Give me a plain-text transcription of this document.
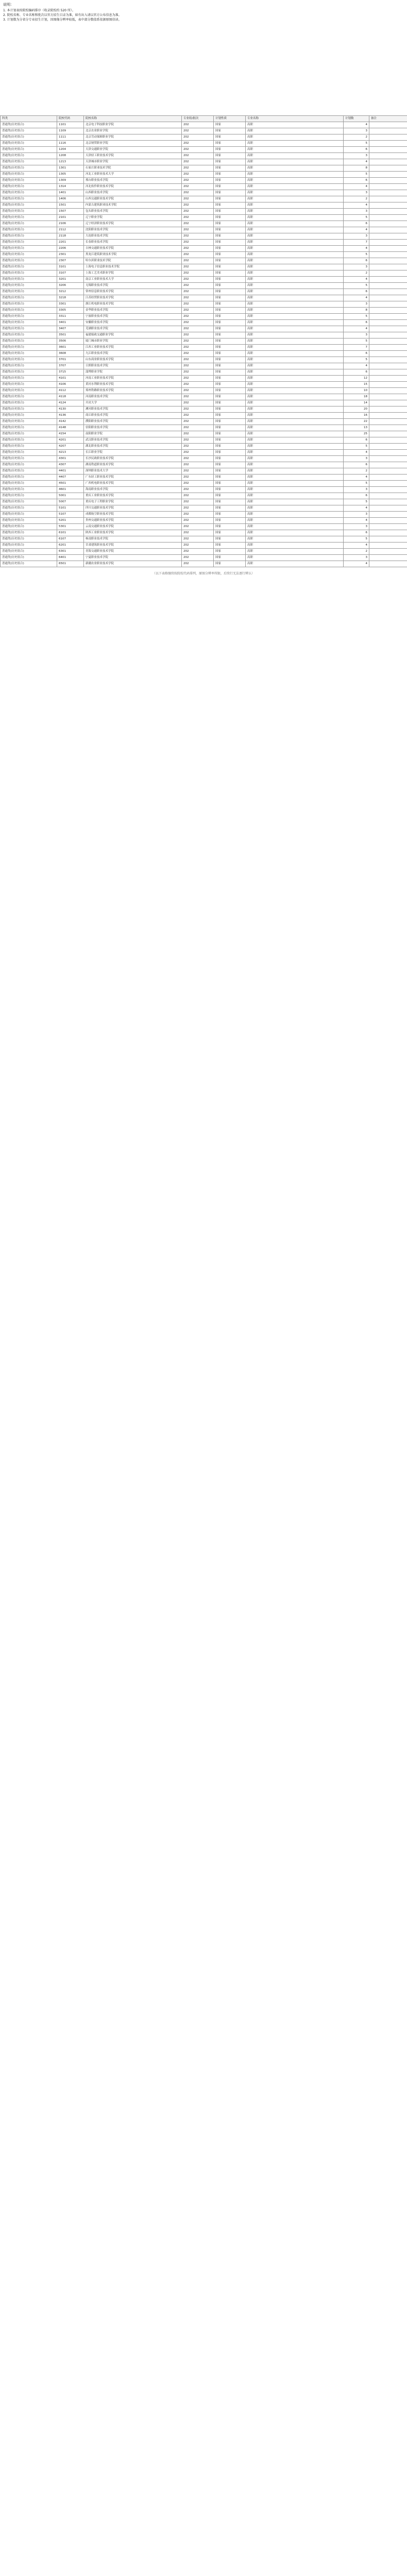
说明：

1. 本计划表按院校编码排序（收录院校约 520 所）。

2. 院校名称、专业名称和批次以官方招生目录为准，如有出入请以官方公布信息为准。

3. 计划数为分省分专业招生计划，因图像分辨率较低，表中部分数值系依据原图估读。

科类	院校代码	院校名称	专业组/批次	计划性质	专业名称	计划数	备注
普通类(历史组合)	1101	北京电子科技职业学院	202	国家	高职	4	
普通类(历史组合)	1109	北京农业职业学院	202	国家	高职	3	
普通类(历史组合)	1111	北京劳动保障职业学院	202	国家	高职	2	
普通类(历史组合)	1116	北京财贸职业学院	202	国家	高职	5	
普通类(历史组合)	1204	天津交通职业学院	202	国家	高职	6	
普通类(历史组合)	1208	天津轻工职业技术学院	202	国家	高职	3	
普通类(历史组合)	1213	天津城市职业学院	202	国家	高职	4	
普通类(历史组合)	1301	石家庄职业技术学院	202	国家	高职	8	
普通类(历史组合)	1305	河北工业职业技术大学	202	国家	高职	5	
普通类(历史组合)	1309	邢台职业技术学院	202	国家	高职	6	
普通类(历史组合)	1314	河北软件职业技术学院	202	国家	高职	4	
普通类(历史组合)	1401	山西职业技术学院	202	国家	高职	3	
普通类(历史组合)	1406	山西交通职业技术学院	202	国家	高职	2	
普通类(历史组合)	1501	内蒙古建筑职业技术学院	202	国家	高职	4	
普通类(历史组合)	1507	包头职业技术学院	202	国家	高职	3	
普通类(历史组合)	2101	辽宁职业学院	202	国家	高职	5	
普通类(历史组合)	2106	辽宁经济职业技术学院	202	国家	高职	6	
普通类(历史组合)	2112	沈阳职业技术学院	202	国家	高职	4	
普通类(历史组合)	2118	大连职业技术学院	202	国家	高职	3	
普通类(历史组合)	2201	长春职业技术学院	202	国家	高职	7	
普通类(历史组合)	2206	吉林交通职业技术学院	202	国家	高职	4	
普通类(历史组合)	2301	黑龙江建筑职业技术学院	202	国家	高职	5	
普通类(历史组合)	2307	哈尔滨职业技术学院	202	国家	高职	6	
普通类(历史组合)	3101	上海电子信息职业技术学院	202	国家	高职	3	
普通类(历史组合)	3107	上海工艺美术职业学院	202	国家	高职	2	
普通类(历史组合)	3201	南京工业职业技术大学	202	国家	高职	4	
普通类(历史组合)	3206	无锡职业技术学院	202	国家	高职	5	
普通类(历史组合)	3212	常州信息职业技术学院	202	国家	高职	6	
普通类(历史组合)	3218	江苏经贸职业技术学院	202	国家	高职	4	
普通类(历史组合)	3301	浙江机电职业技术学院	202	国家	高职	3	
普通类(历史组合)	3305	金华职业技术学院	202	国家	高职	8	
普通类(历史组合)	3311	宁波职业技术学院	202	国家	高职	5	
普通类(历史组合)	3401	安徽职业技术学院	202	国家	高职	6	
普通类(历史组合)	3407	芜湖职业技术学院	202	国家	高职	4	
普通类(历史组合)	3501	福建船政交通职业学院	202	国家	高职	3	
普通类(历史组合)	3506	厦门城市职业学院	202	国家	高职	5	
普通类(历史组合)	3601	江西工业职业技术学院	202	国家	高职	7	
普通类(历史组合)	3608	九江职业技术学院	202	国家	高职	6	
普通类(历史组合)	3701	山东商业职业技术学院	202	国家	高职	5	
普通类(历史组合)	3707	日照职业技术学院	202	国家	高职	4	
普通类(历史组合)	3715	淄博职业学院	202	国家	高职	6	
普通类(历史组合)	4101	河南工业职业技术学院	202	国家	高职	12	
普通类(历史组合)	4106	黄河水利职业技术学院	202	国家	高职	15	
普通类(历史组合)	4112	郑州铁路职业技术学院	202	国家	高职	10	
普通类(历史组合)	4118	河南职业技术学院	202	国家	高职	18	
普通类(历史组合)	4124	开封大学	202	国家	高职	14	
普通类(历史组合)	4130	漯河职业技术学院	202	国家	高职	20	
普通类(历史组合)	4136	商丘职业技术学院	202	国家	高职	16	
普通类(历史组合)	4142	濮阳职业技术学院	202	国家	高职	22	
普通类(历史组合)	4148	信阳职业技术学院	202	国家	高职	13	
普通类(历史组合)	4154	南阳职业学院	202	国家	高职	25	
普通类(历史组合)	4201	武汉职业技术学院	202	国家	高职	6	
普通类(历史组合)	4207	湖北职业技术学院	202	国家	高职	5	
普通类(历史组合)	4213	长江职业学院	202	国家	高职	4	
普通类(历史组合)	4301	长沙民政职业技术学院	202	国家	高职	3	
普通类(历史组合)	4307	湖南铁道职业技术学院	202	国家	高职	6	
普通类(历史组合)	4401	深圳职业技术大学	202	国家	高职	2	
普通类(历史组合)	4407	广东轻工职业技术学院	202	国家	高职	4	
普通类(历史组合)	4501	广西机电职业技术学院	202	国家	高职	5	
普通类(历史组合)	4601	海南职业技术学院	202	国家	高职	3	
普通类(历史组合)	5001	重庆工业职业技术学院	202	国家	高职	6	
普通类(历史组合)	5007	重庆电子工程职业学院	202	国家	高职	5	
普通类(历史组合)	5101	四川交通职业技术学院	202	国家	高职	4	
普通类(历史组合)	5107	成都航空职业技术学院	202	国家	高职	3	
普通类(历史组合)	5201	贵州交通职业技术学院	202	国家	高职	4	
普通类(历史组合)	5301	云南交通职业技术学院	202	国家	高职	3	
普通类(历史组合)	6101	陕西工业职业技术学院	202	国家	高职	6	
普通类(历史组合)	6107	杨凌职业技术学院	202	国家	高职	5	
普通类(历史组合)	6201	甘肃建筑职业技术学院	202	国家	高职	4	
普通类(历史组合)	6301	青海交通职业技术学院	202	国家	高职	2	
普通类(历史组合)	6401	宁夏职业技术学院	202	国家	高职	3	
普通类(历史组合)	6501	新疆农业职业技术学院	202	国家	高职	4	
（以下表格继续按院校代码排列，原图分辨率所限，后续行无法逐行辨认）
